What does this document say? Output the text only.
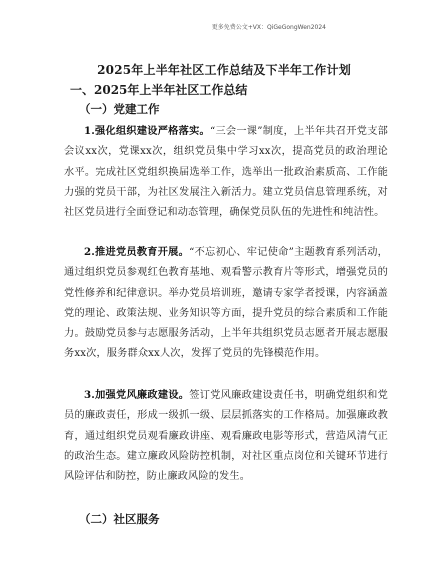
更多免费公文+VX：QiGeGongWen2024
2025年上半年社区工作总结及下半年工作计划
一、2025年上半年社区工作总结
（一）党建工作
1.强化组织建设严格落实。“三会一课”制度，上半年共召开党支部会议xx次，党课xx次，组织党员集中学习xx次，提高党员的政治理论水平。完成社区党组织换届选举工作，选举出一批政治素质高、工作能力强的党员干部，为社区发展注入新活力。建立党员信息管理系统，对社区党员进行全面登记和动态管理，确保党员队伍的先进性和纯洁性。
2.推进党员教育开展。“不忘初心、牢记使命”主题教育系列活动，通过组织党员参观红色教育基地、观看警示教育片等形式，增强党员的党性修养和纪律意识。举办党员培训班，邀请专家学者授课，内容涵盖党的理论、政策法规、业务知识等方面，提升党员的综合素质和工作能力。鼓励党员参与志愿服务活动，上半年共组织党员志愿者开展志愿服务xx次，服务群众xx人次，发挥了党员的先锋模范作用。
3.加强党风廉政建设。签订党风廉政建设责任书，明确党组织和党员的廉政责任，形成一级抓一级、层层抓落实的工作格局。加强廉政教育，通过组织党员观看廉政讲座、观看廉政电影等形式，营造风清气正的政治生态。建立廉政风险防控机制，对社区重点岗位和关键环节进行风险评估和防控，防止廉政风险的发生。
（二）社区服务
